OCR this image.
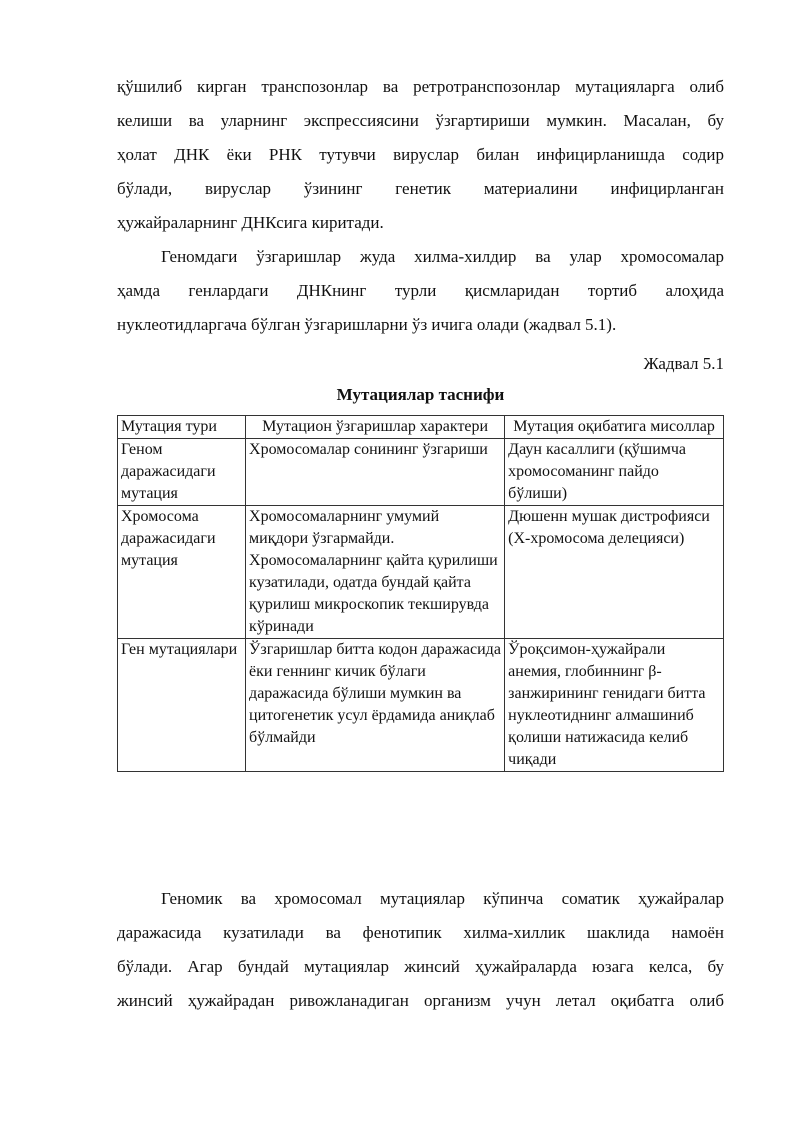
қўшилиб кирган транспозонлар ва ретротранспозонлар мутацияларга олиб
келиши ва уларнинг экспрессиясини ўзгартириши мумкин. Масалан, бу
ҳолат ДНК ёки РНК тутувчи вируслар билан инфицирланишда содир
бўлади, вируслар ўзининг генетик материалини инфицирланган
ҳужайраларнинг ДНКсига киритади.

Геномдаги ўзгаришлар жуда хилма-хилдир ва улар хромосомалар
ҳамда генлардаги ДНКнинг турли қисмларидан тортиб алоҳида
нуклеотидларгача бўлган ўзгаришларни ўз ичига олади (жадвал 5.1).

Жадвал 5.1

Мутациялар таснифи

Мутация тури	Мутацион ўзгаришлар характери	Мутация оқибатига мисоллар
Геном даражасидаги мутация	Хромосомалар сонининг ўзгариши	Даун касаллиги (қўшимча хромосоманинг пайдо бўлиши)
Хромосома даражасидаги мутация	Хромосомаларнинг умумий миқдори ўзгармайди. Хромосомаларнинг қайта қурилиши кузатилади, одатда бундай қайта қурилиш микроскопик текширувда кўринади	Дюшенн мушак дистрофияси (Х-хромосома делецияси)
Ген мутациялари	Ўзгаришлар битта кодон даражасида ёки геннинг кичик бўлаги даражасида бўлиши мумкин ва цитогенетик усул ёрдамида аниқлаб бўлмайди	Ўроқсимон-ҳужайрали анемия, глобиннинг β-занжирининг генидаги битта нуклеотиднинг алмашиниб қолиши натижасида келиб чиқади

Геномик ва хромосомал мутациялар кўпинча соматик ҳужайралар
даражасида кузатилади ва фенотипик хилма-хиллик шаклида намоён
бўлади. Агар бундай мутациялар жинсий ҳужайраларда юзага келса, бу
жинсий ҳужайрадан ривожланадиган организм учун летал оқибатга олиб
